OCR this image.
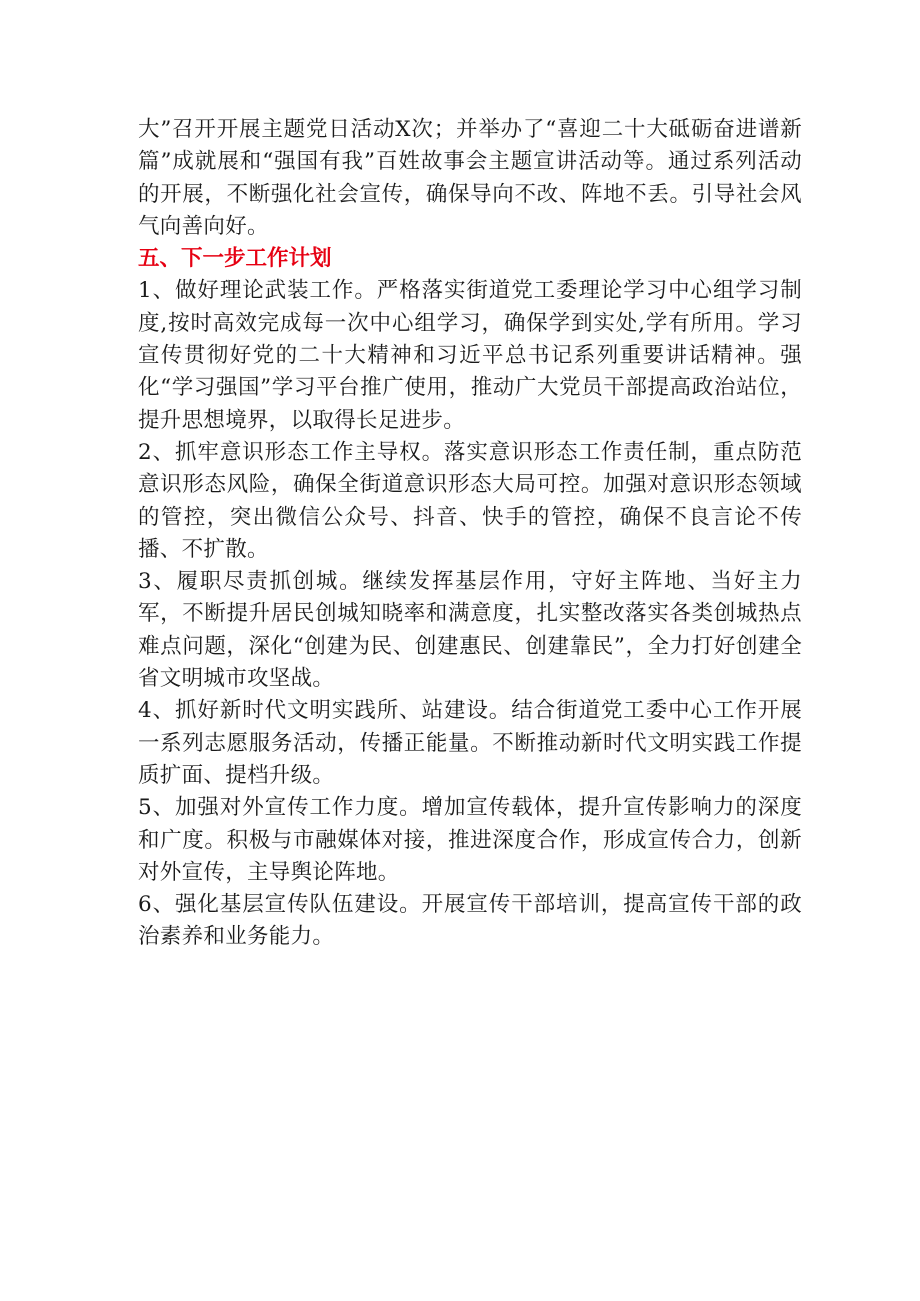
大”召开开展主题党日活动X次；并举办了“喜迎二十大砥砺奋进谱新篇”成就展和“强国有我”百姓故事会主题宣讲活动等。通过系列活动的开展，不断强化社会宣传，确保导向不改、阵地不丢。引导社会风气向善向好。

五、下一步工作计划

1、做好理论武装工作。严格落实街道党工委理论学习中心组学习制度,按时高效完成每一次中心组学习，确保学到实处,学有所用。学习宣传贯彻好党的二十大精神和习近平总书记系列重要讲话精神。强化“学习强国”学习平台推广使用，推动广大党员干部提高政治站位，提升思想境界，以取得长足进步。

2、抓牢意识形态工作主导权。落实意识形态工作责任制，重点防范意识形态风险，确保全街道意识形态大局可控。加强对意识形态领域的管控，突出微信公众号、抖音、快手的管控，确保不良言论不传播、不扩散。

3、履职尽责抓创城。继续发挥基层作用，守好主阵地、当好主力军，不断提升居民创城知晓率和满意度，扎实整改落实各类创城热点难点问题，深化“创建为民、创建惠民、创建靠民”，全力打好创建全省文明城市攻坚战。

4、抓好新时代文明实践所、站建设。结合街道党工委中心工作开展一系列志愿服务活动，传播正能量。不断推动新时代文明实践工作提质扩面、提档升级。

5、加强对外宣传工作力度。增加宣传载体，提升宣传影响力的深度和广度。积极与市融媒体对接，推进深度合作，形成宣传合力，创新对外宣传，主导舆论阵地。

6、强化基层宣传队伍建设。开展宣传干部培训，提高宣传干部的政治素养和业务能力。
